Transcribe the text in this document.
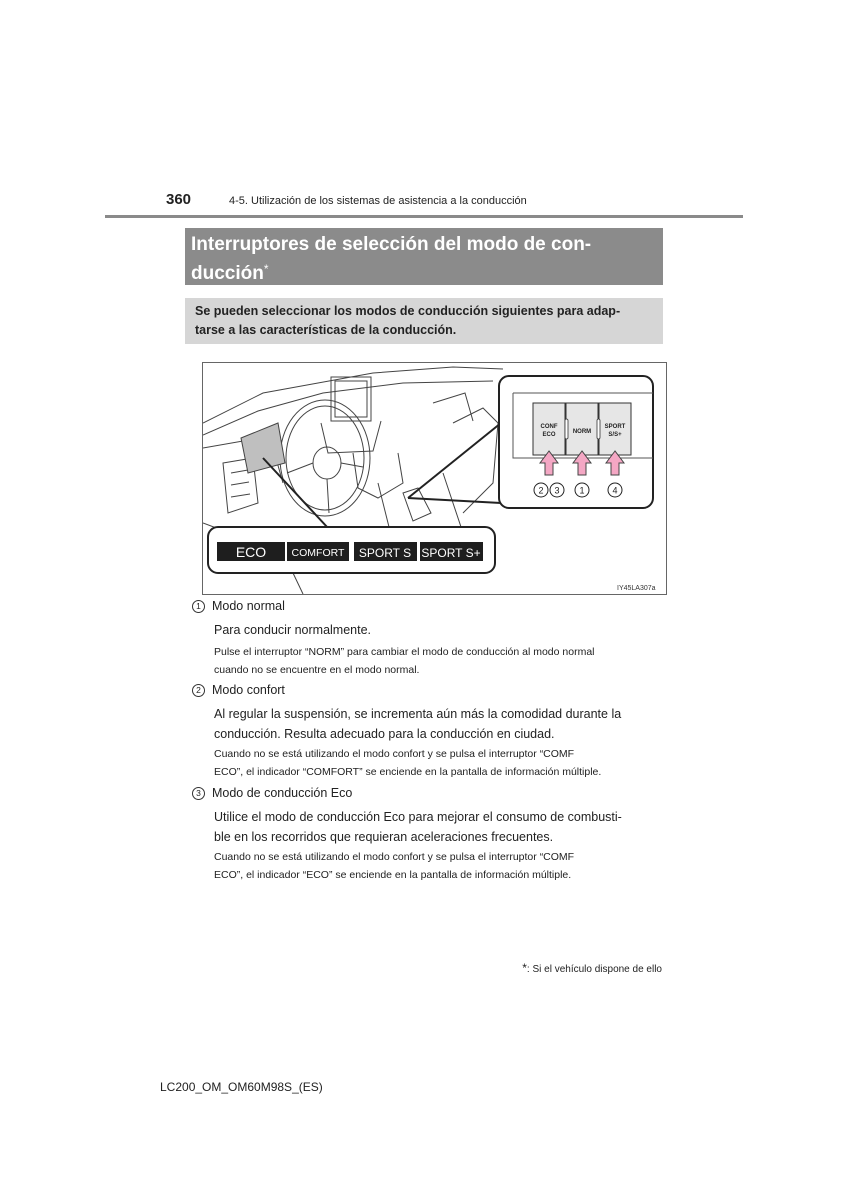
360	4-5. Utilización de los sistemas de asistencia a la conducción
Interruptores de selección del modo de con-
ducción*
Se pueden seleccionar los modos de conducción siguientes para adap-
tarse a las características de la conducción.
CONF
ECO	NORM
SPORT
S/S+
2 3 1	4
ECO COMFORT SPORT S SPORT S+
IY45LA307a
1 Modo normal
Para conducir normalmente.
Pulse el interruptor “NORM” para cambiar el modo de conducción al modo normal
cuando no se encuentre en el modo normal.
2 Modo confort
Al regular la suspensión, se incrementa aún más la comodidad durante la
conducción. Resulta adecuado para la conducción en ciudad.
Cuando no se está utilizando el modo confort y se pulsa el interruptor “COMF
ECO”, el indicador “COMFORT” se enciende en la pantalla de información múltiple.
3 Modo de conducción Eco
Utilice el modo de conducción Eco para mejorar el consumo de combusti-
ble en los recorridos que requieran aceleraciones frecuentes.
Cuando no se está utilizando el modo confort y se pulsa el interruptor “COMF
ECO”, el indicador “ECO” se enciende en la pantalla de información múltiple.
*: Si el vehículo dispone de ello
LC200_OM_OM60M98S_(ES)
